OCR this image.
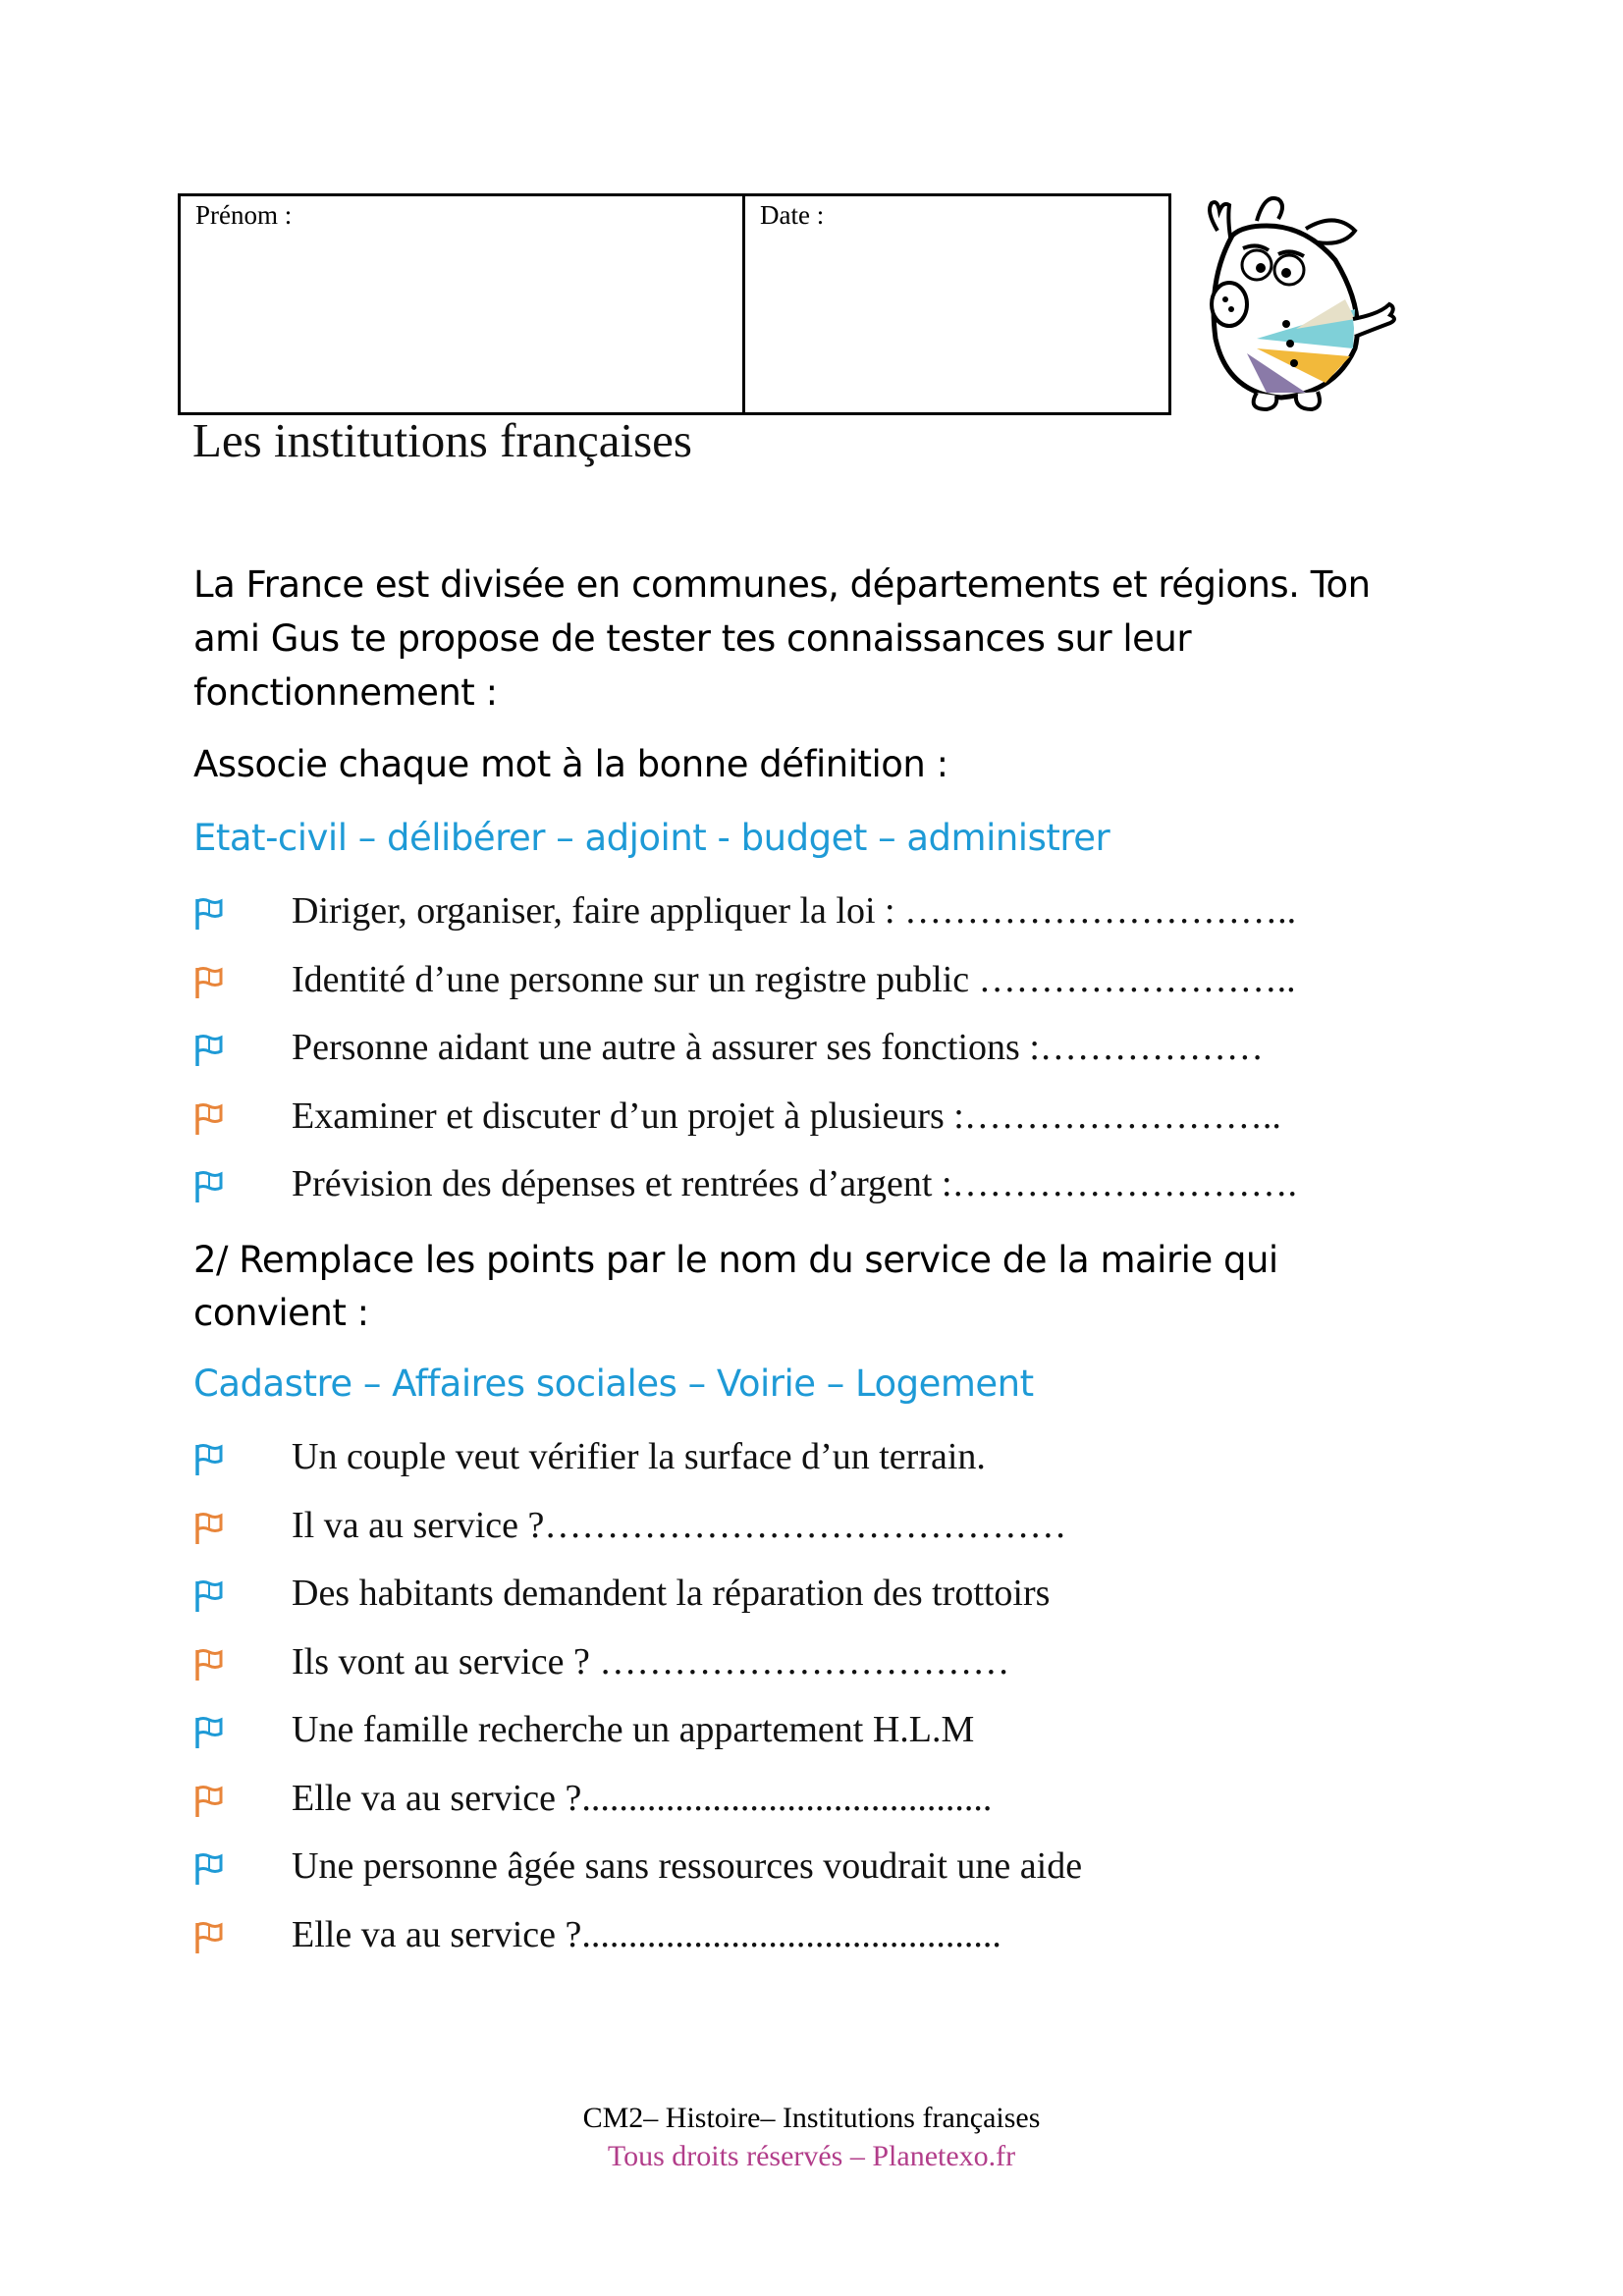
Prénom :	Date :
Les institutions françaises

La France est divisée en communes, départements et régions. Ton ami Gus te propose de tester tes connaissances sur leur fonctionnement :

Associe chaque mot à la bonne définition :

Etat-civil – délibérer – adjoint - budget – administrer

Diriger, organiser, faire appliquer la loi : …………………………..
Identité d’une personne sur un registre public ……………………..
Personne aidant une autre à assurer ses fonctions :………………
Examiner et discuter d’un projet à plusieurs :……………………..
Prévision des dépenses et rentrées d’argent :……………………….

2/ Remplace les points par le nom du service de la mairie qui convient :

Cadastre – Affaires sociales – Voirie – Logement

Un couple veut vérifier la surface d’un terrain.
Il va au service ?……………………………………
Des habitants demandent la réparation des trottoirs
Ils vont au service ? ……………………………
Une famille recherche un appartement H.L.M
Elle va au service ?............................................
Une personne âgée sans ressources voudrait une aide
Elle va au service ?.............................................
CM2– Histoire– Institutions françaises
Tous droits réservés – Planetexo.fr
